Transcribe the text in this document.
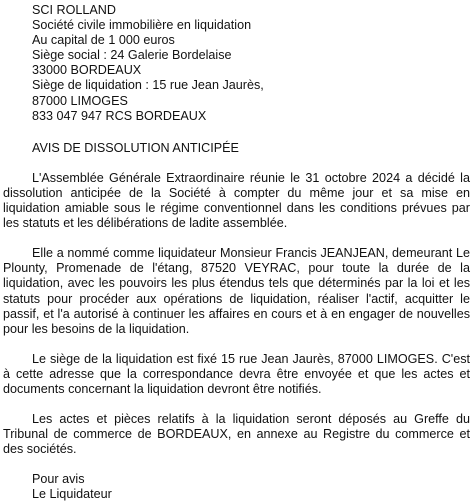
SCI ROLLAND
Société civile immobilière en liquidation
Au capital de 1 000 euros
Siège social : 24 Galerie Bordelaise
33000 BORDEAUX
Siège de liquidation : 15 rue Jean Jaurès,
87000 LIMOGES
833 047 947 RCS BORDEAUX
AVIS DE DISSOLUTION ANTICIPÉE

L'Assemblée Générale Extraordinaire réunie le 31 octobre 2024 a décidé la dissolution anticipée de la Société à compter du même jour et sa mise en liquidation amiable sous le régime conventionnel dans les conditions prévues par les statuts et les délibérations de ladite assemblée.

Elle a nommé comme liquidateur Monsieur Francis JEANJEAN, demeurant Le Plounty, Promenade de l'étang, 87520 VEYRAC, pour toute la durée de la liquidation, avec les pouvoirs les plus étendus tels que déterminés par la loi et les statuts pour procéder aux opérations de liquidation, réaliser l'actif, acquitter le passif, et l'a autorisé à continuer les affaires en cours et à en engager de nouvelles pour les besoins de la liquidation.

Le siège de la liquidation est fixé 15 rue Jean Jaurès, 87000 LIMOGES. C'est à cette adresse que la correspondance devra être envoyée et que les actes et documents concernant la liquidation devront être notifiés.

Les actes et pièces relatifs à la liquidation seront déposés au Greffe du Tribunal de commerce de BORDEAUX, en annexe au Registre du commerce et des sociétés.

Pour avis
Le Liquidateur
